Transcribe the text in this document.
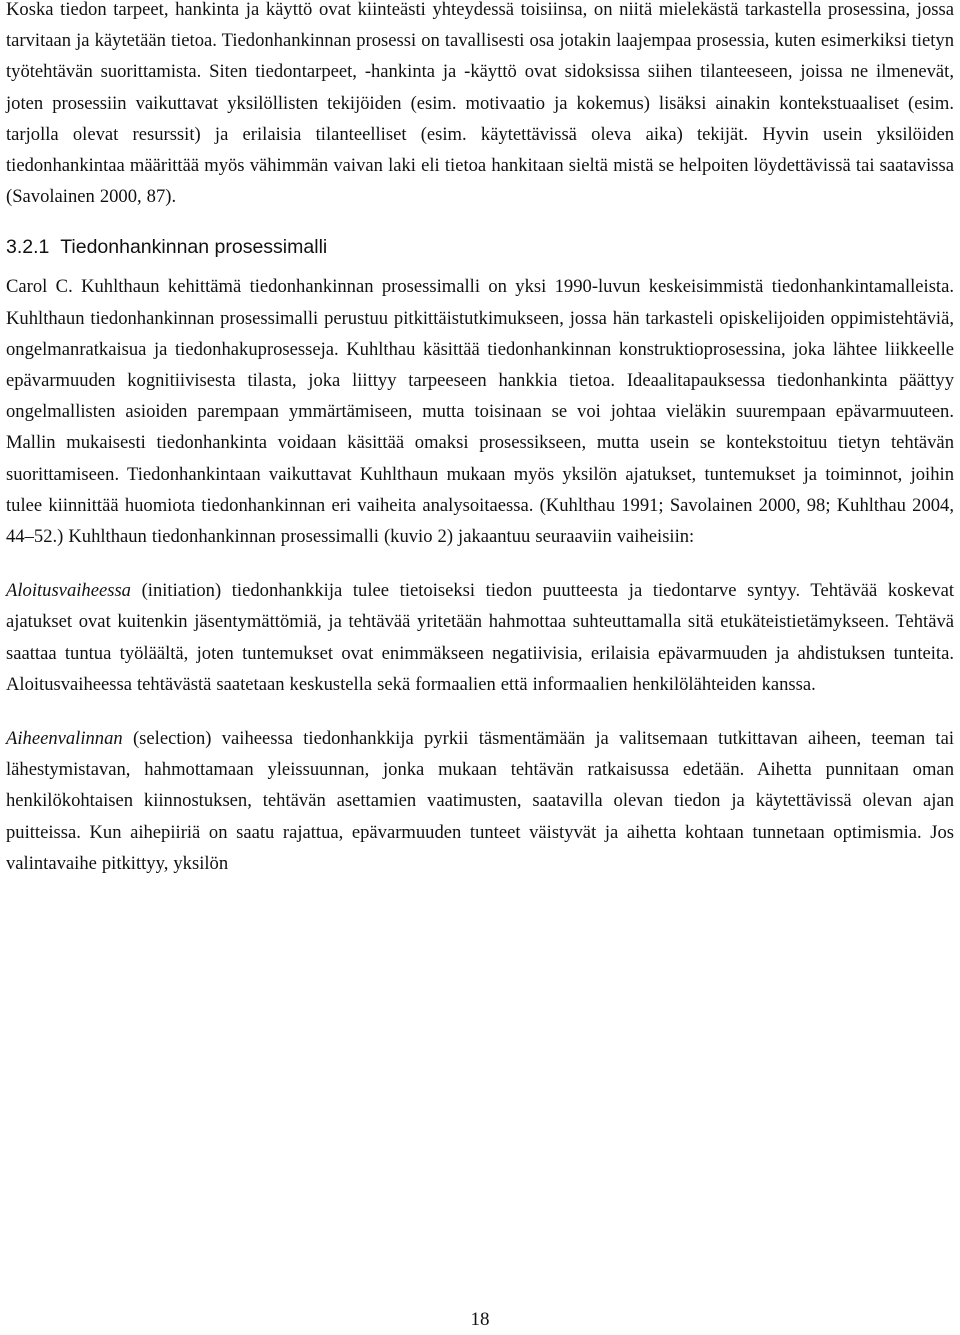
Koska tiedon tarpeet, hankinta ja käyttö ovat kiinteästi yhteydessä toisiinsa, on niitä mielekästä tarkastella prosessina, jossa tarvitaan ja käytetään tietoa. Tiedonhankinnan prosessi on tavallisesti osa jotakin laajempaa prosessia, kuten esimerkiksi tietyn työtehtävän suorittamista. Siten tiedontarpeet, -hankinta ja -käyttö ovat sidoksissa siihen tilanteeseen, joissa ne ilmenevät, joten prosessiin vaikuttavat yksilöllisten tekijöiden (esim. motivaatio ja kokemus) lisäksi ainakin kontekstuaaliset (esim. tarjolla olevat resurssit) ja erilaisia tilanteelliset (esim. käytettävissä oleva aika) tekijät. Hyvin usein yksilöiden tiedonhankintaa määrittää myös vähimmän vaivan laki eli tietoa hankitaan sieltä mistä se helpoiten löydettävissä tai saatavissa (Savolainen 2000, 87).

3.2.1 Tiedonhankinnan prosessimalli

Carol C. Kuhlthaun kehittämä tiedonhankinnan prosessimalli on yksi 1990-luvun keskeisimmistä tiedonhankintamalleista. Kuhlthaun tiedonhankinnan prosessimalli perustuu pitkittäistutkimukseen, jossa hän tarkasteli opiskelijoiden oppimistehtäviä, ongelmanratkaisua ja tiedonhakuprosesseja. Kuhlthau käsittää tiedonhankinnan konstruktioprosessina, joka lähtee liikkeelle epävarmuuden kognitiivisesta tilasta, joka liittyy tarpeeseen hankkia tietoa. Ideaalitapauksessa tiedonhankinta päättyy ongelmallisten asioiden parempaan ymmärtämiseen, mutta toisinaan se voi johtaa vieläkin suurempaan epävarmuuteen. Mallin mukaisesti tiedonhankinta voidaan käsittää omaksi prosessikseen, mutta usein se kontekstoituu tietyn tehtävän suorittamiseen. Tiedonhankintaan vaikuttavat Kuhlthaun mukaan myös yksilön ajatukset, tuntemukset ja toiminnot, joihin tulee kiinnittää huomiota tiedonhankinnan eri vaiheita analysoitaessa. (Kuhlthau 1991; Savolainen 2000, 98; Kuhlthau 2004, 44–52.) Kuhlthaun tiedonhankinnan prosessimalli (kuvio 2) jakaantuu seuraaviin vaiheisiin:

Aloitusvaiheessa (initiation) tiedonhankkija tulee tietoiseksi tiedon puutteesta ja tiedontarve syntyy. Tehtävää koskevat ajatukset ovat kuitenkin jäsentymättömiä, ja tehtävää yritetään hahmottaa suhteuttamalla sitä etukäteistietämykseen. Tehtävä saattaa tuntua työläältä, joten tuntemukset ovat enimmäkseen negatiivisia, erilaisia epävarmuuden ja ahdistuksen tunteita. Aloitusvaiheessa tehtävästä saatetaan keskustella sekä formaalien että informaalien henkilölähteiden kanssa.

Aiheenvalinnan (selection) vaiheessa tiedonhankkija pyrkii täsmentämään ja valitsemaan tutkittavan aiheen, teeman tai lähestymistavan, hahmottamaan yleissuunnan, jonka mukaan tehtävän ratkaisussa edetään. Aihetta punnitaan oman henkilökohtaisen kiinnostuksen, tehtävän asettamien vaatimusten, saatavilla olevan tiedon ja käytettävissä olevan ajan puitteissa. Kun aihepiiriä on saatu rajattua, epävarmuuden tunteet väistyvät ja aihetta kohtaan tunnetaan optimismia. Jos valintavaihe pitkittyy, yksilön

18
